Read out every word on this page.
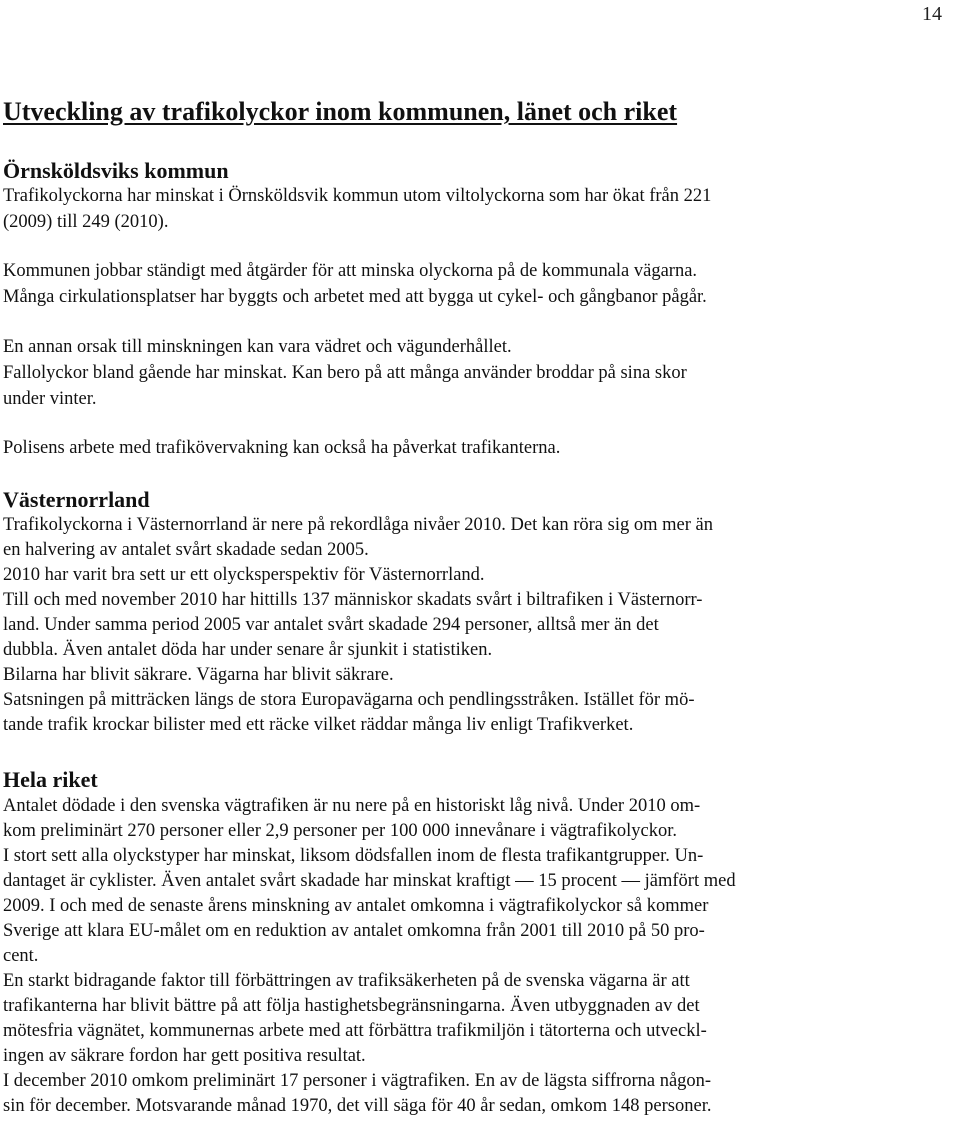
14
Utveckling av trafikolyckor inom kommunen, länet och riket
Örnsköldsviks kommun

Trafikolyckorna har minskat i Örnsköldsvik kommun utom viltolyckorna som har ökat från 221
(2009) till 249 (2010).

Kommunen jobbar ständigt med åtgärder för att minska olyckorna på de kommunala vägarna.
Många cirkulationsplatser har byggts och arbetet med att bygga ut cykel- och gångbanor pågår.

En annan orsak till minskningen kan vara vädret och vägunderhållet.
Fallolyckor bland gående har minskat. Kan bero på att många använder broddar på sina skor
under vinter.

Polisens arbete med trafikövervakning kan också ha påverkat trafikanterna.

Västernorrland

Trafikolyckorna i Västernorrland är nere på rekordlåga nivåer 2010. Det kan röra sig om mer än
en halvering av antalet svårt skadade sedan 2005.
2010 har varit bra sett ur ett olycksperspektiv för Västernorrland.
Till och med november 2010 har hittills 137 människor skadats svårt i biltrafiken i Västernorr-
land. Under samma period 2005 var antalet svårt skadade 294 personer, alltså mer än det
dubbla. Även antalet döda har under senare år sjunkit i statistiken.
Bilarna har blivit säkrare. Vägarna har blivit säkrare.
Satsningen på mitträcken längs de stora Europavägarna och pendlingsstråken. Istället för mö-
tande trafik krockar bilister med ett räcke vilket räddar många liv enligt Trafikverket.

Hela riket

Antalet dödade i den svenska vägtrafiken är nu nere på en historiskt låg nivå. Under 2010 om-
kom preliminärt 270 personer eller 2,9 personer per 100 000 innevånare i vägtrafikolyckor.
I stort sett alla olyckstyper har minskat, liksom dödsfallen inom de flesta trafikantgrupper. Un-
dantaget är cyklister. Även antalet svårt skadade har minskat kraftigt — 15 procent — jämfört med
2009. I och med de senaste årens minskning av antalet omkomna i vägtrafikolyckor så kommer
Sverige att klara EU-målet om en reduktion av antalet omkomna från 2001 till 2010 på 50 pro-
cent.
En starkt bidragande faktor till förbättringen av trafiksäkerheten på de svenska vägarna är att
trafikanterna har blivit bättre på att följa hastighetsbegränsningarna. Även utbyggnaden av det
mötesfria vägnätet, kommunernas arbete med att förbättra trafikmiljön i tätorterna och utveckl-
ingen av säkrare fordon har gett positiva resultat.
I december 2010 omkom preliminärt 17 personer i vägtrafiken. En av de lägsta siffrorna någon-
sin för december. Motsvarande månad 1970, det vill säga för 40 år sedan, omkom 148 personer.
